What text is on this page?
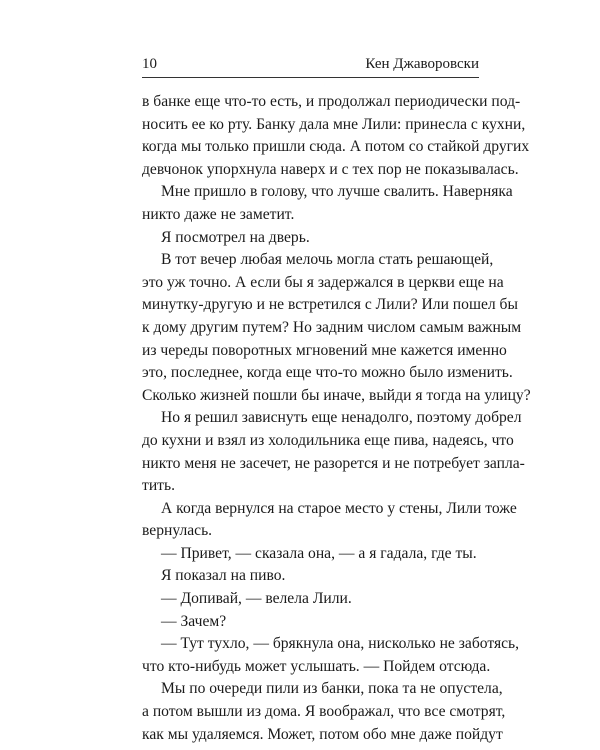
10	Кен Джаворовски
в банке еще что-то есть, и продолжал периодически под-
носить ее ко рту. Банку дала мне Лили: принесла с кухни,
когда мы только пришли сюда. А потом со стайкой других
девчонок упорхнула наверх и с тех пор не показывалась.
Мне пришло в голову, что лучше свалить. Наверняка
никто даже не заметит.
Я посмотрел на дверь.
В тот вечер любая мелочь могла стать решающей,
это уж точно. А если бы я задержался в церкви еще на
минутку-другую и не встретился с Лили? Или пошел бы
к дому другим путем? Но задним числом самым важным
из череды поворотных мгновений мне кажется именно
это, последнее, когда еще что-то можно было изменить.
Сколько жизней пошли бы иначе, выйди я тогда на улицу?
Но я решил зависнуть еще ненадолго, поэтому добрел
до кухни и взял из холодильника еще пива, надеясь, что
никто меня не засечет, не разорется и не потребует запла-
тить.
А когда вернулся на старое место у стены, Лили тоже
вернулась.
— Привет, — сказала она, — а я гадала, где ты.
Я показал на пиво.
— Допивай, — велела Лили.
— Зачем?
— Тут тухло, — брякнула она, нисколько не заботясь,
что кто-нибудь может услышать. — Пойдем отсюда.
Мы по очереди пили из банки, пока та не опустела,
а потом вышли из дома. Я воображал, что все смотрят,
как мы удаляемся. Может, потом обо мне даже пойдут
